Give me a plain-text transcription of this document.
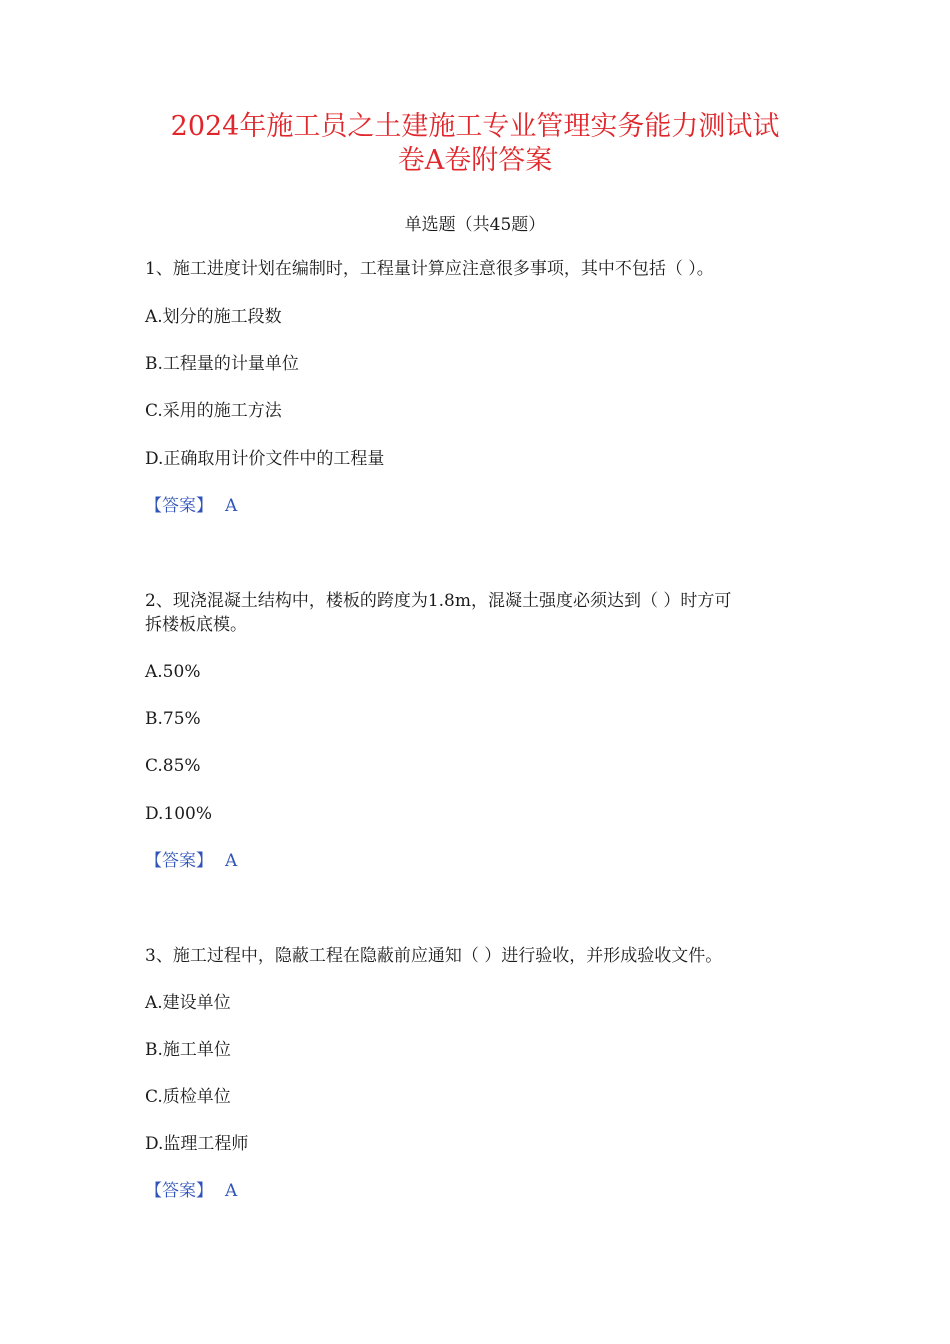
2024年施工员之土建施工专业管理实务能力测试试
卷A卷附答案
单选题（共45题）
1、施工进度计划在编制时，工程量计算应注意很多事项，其中不包括（ ）。
A.划分的施工段数
B.工程量的计量单位
C.采用的施工方法
D.正确取用计价文件中的工程量
【答案】 A
2、现浇混凝土结构中，楼板的跨度为1.8m，混凝土强度必须达到（ ）时方可
拆楼板底模。
A.50%
B.75%
C.85%
D.100%
【答案】 A
3、施工过程中，隐蔽工程在隐蔽前应通知（ ）进行验收，并形成验收文件。
A.建设单位
B.施工单位
C.质检单位
D.监理工程师
【答案】 A
